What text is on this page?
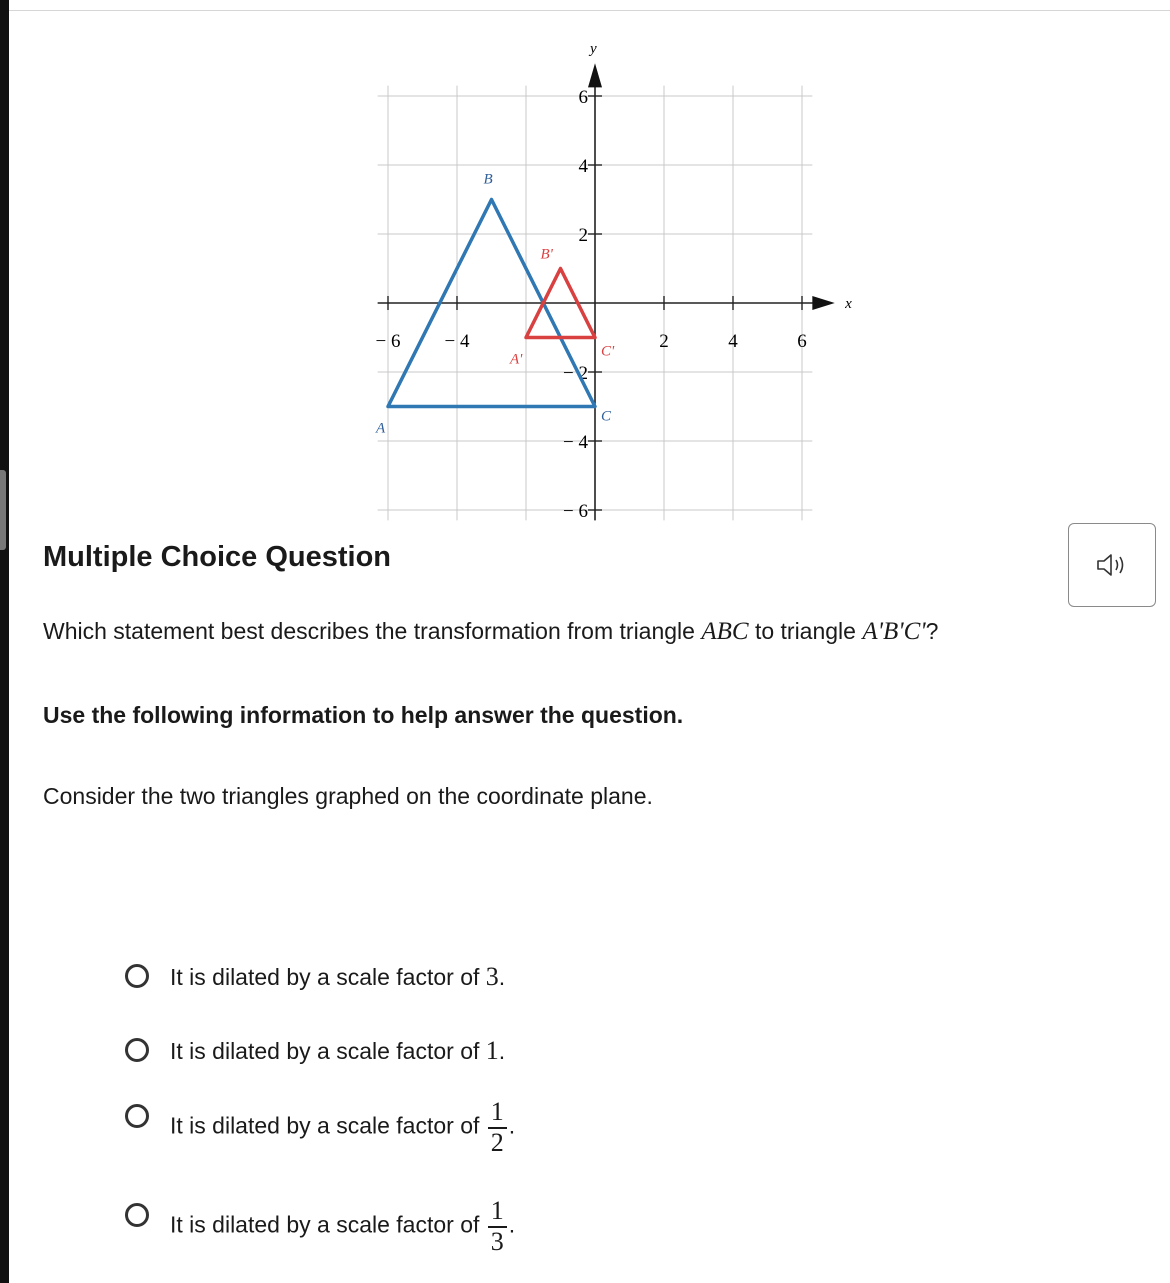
x
y
− 6 − 4	2	4	6
6
4
2
− 2
− 4
− 6
A
B
C
A'
B'
C'
Multiple Choice Question
Which statement best describes the transformation from triangle ABC to triangle A'B'C'?
Use the following information to help answer the question.
Consider the two triangles graphed on the coordinate plane.
It is dilated by a scale factor of 3.
It is dilated by a scale factor of 1.
It is dilated by a scale factor of $\frac{1}{2}$ .
It is dilated by a scale factor of $\frac{1}{3}$ .
